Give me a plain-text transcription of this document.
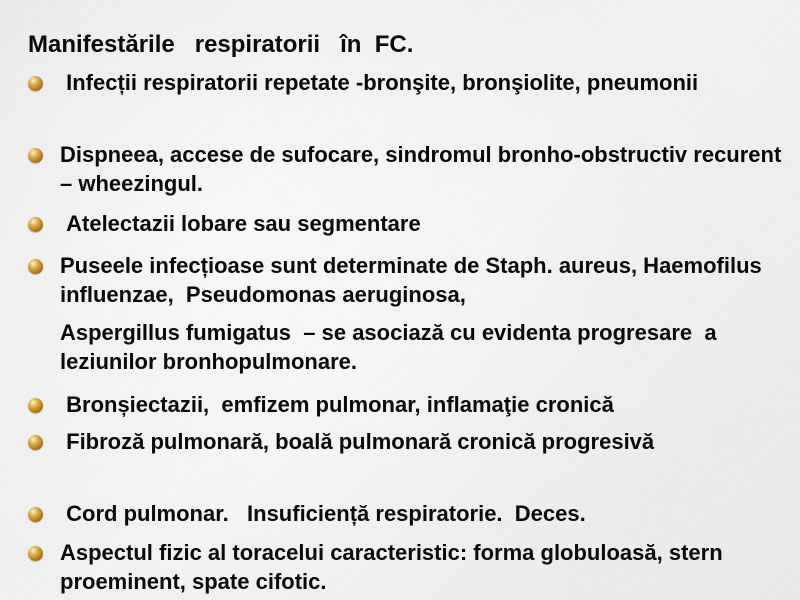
Manifestările   respiratorii   în  FC.
Infecții respiratorii repetate -bronşite, bronşiolite, pneumonii
Dispneea, accese de sufocare, sindromul bronho-obstructiv recurent – wheezingul.
Atelectazii lobare sau segmentare
Puseele infecțioase sunt determinate de Staph. aureus, Haemofilus influenzae,  Pseudomonas aeruginosa,
Aspergillus fumigatus  – se asociază cu evidenta progresare  a leziunilor bronhopulmonare.
Bronșiectazii,  emfizem pulmonar, inflamaţie cronică
Fibroză pulmonară, boală pulmonară cronică progresivă
Cord pulmonar.   Insuficiență respiratorie.  Deces.
Aspectul fizic al toracelui caracteristic: forma globuloasă, stern proeminent, spate cifotic.
